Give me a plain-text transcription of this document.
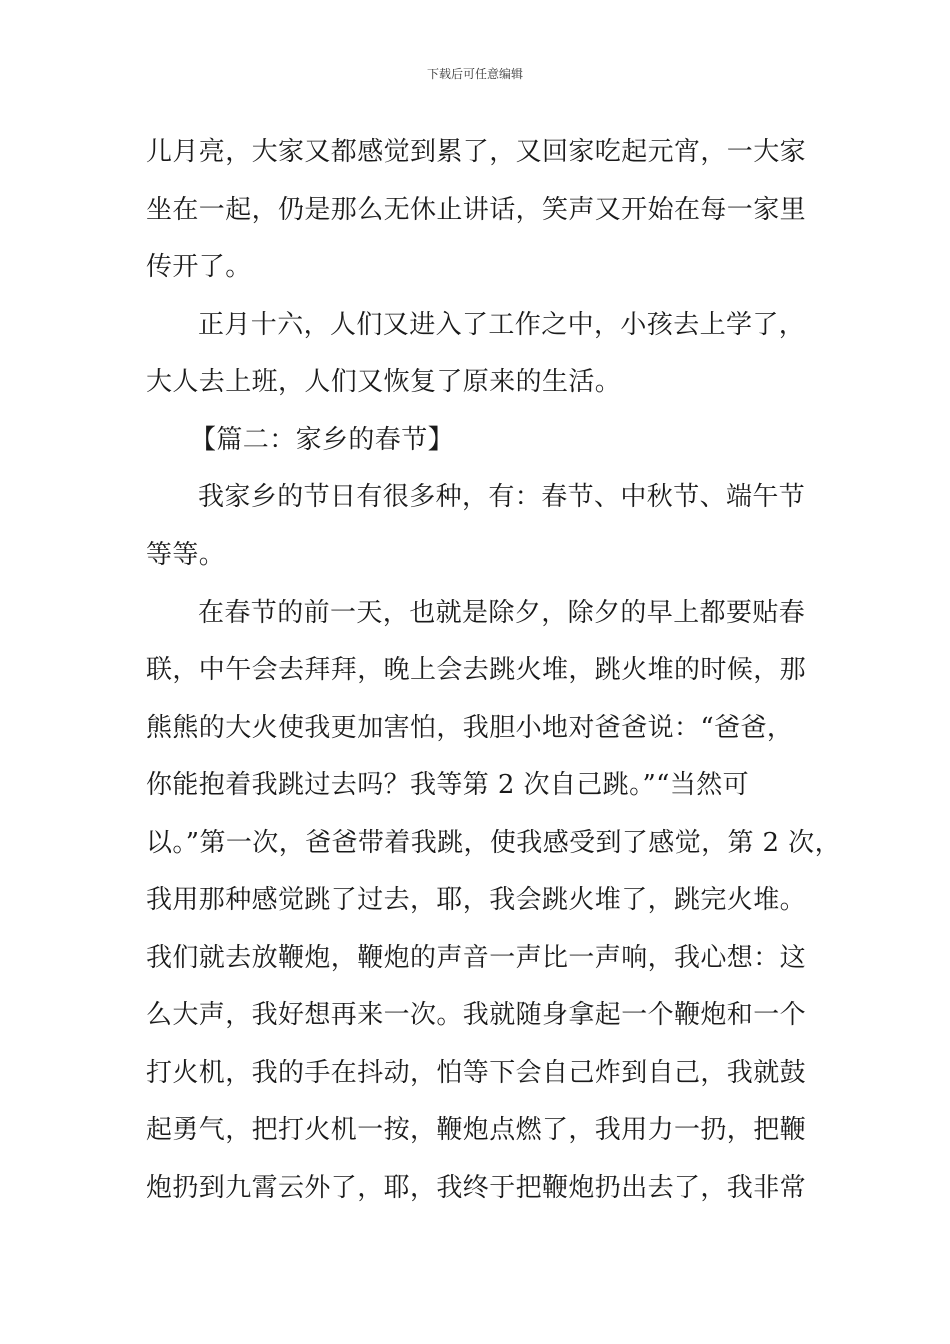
下载后可任意编辑
儿月亮，大家又都感觉到累了，又回家吃起元宵，一大家
坐在一起，仍是那么无休止讲话，笑声又开始在每一家里
传开了。
正月十六，人们又进入了工作之中，小孩去上学了，
大人去上班，人们又恢复了原来的生活。
【篇二：家乡的春节】
我家乡的节日有很多种，有：春节、中秋节、端午节
等等。
在春节的前一天，也就是除夕，除夕的早上都要贴春
联，中午会去拜拜，晚上会去跳火堆，跳火堆的时候，那
熊熊的大火使我更加害怕，我胆小地对爸爸说：“爸爸，
你能抱着我跳过去吗？我等第 2 次自己跳。”“当然可
以。”第一次，爸爸带着我跳，使我感受到了感觉，第 2 次，
我用那种感觉跳了过去，耶，我会跳火堆了，跳完火堆。
我们就去放鞭炮，鞭炮的声音一声比一声响，我心想：这
么大声，我好想再来一次。我就随身拿起一个鞭炮和一个
打火机，我的手在抖动，怕等下会自己炸到自己，我就鼓
起勇气，把打火机一按，鞭炮点燃了，我用力一扔，把鞭
炮扔到九霄云外了，耶，我终于把鞭炮扔出去了，我非常
